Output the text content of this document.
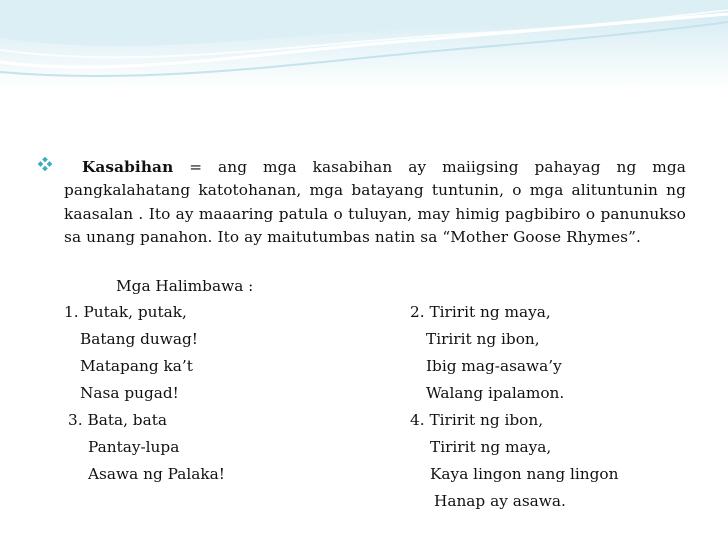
Kasabihan = ang mga kasabihan ay maiigsing pahayag ng mga pangkalahatang katotohanan, mga batayang tuntunin, o mga alituntunin ng kaasalan . Ito ay maaaring patula o tuluyan, may himig pagbibiro o panunukso sa unang panahon. Ito ay maitutumbas natin sa “Mother Goose Rhymes”.
Mga Halimbawa :
1. Putak, putak,
Batang duwag!
Matapang ka’t
Nasa pugad!
3. Bata, bata
Pantay-lupa
Asawa ng Palaka!
2. Tiririt ng maya,
Tiririt ng ibon,
Ibig mag-asawa’y
Walang ipalamon.
4. Tiririt ng ibon,
Tiririt ng maya,
Kaya lingon nang lingon
Hanap ay asawa.
